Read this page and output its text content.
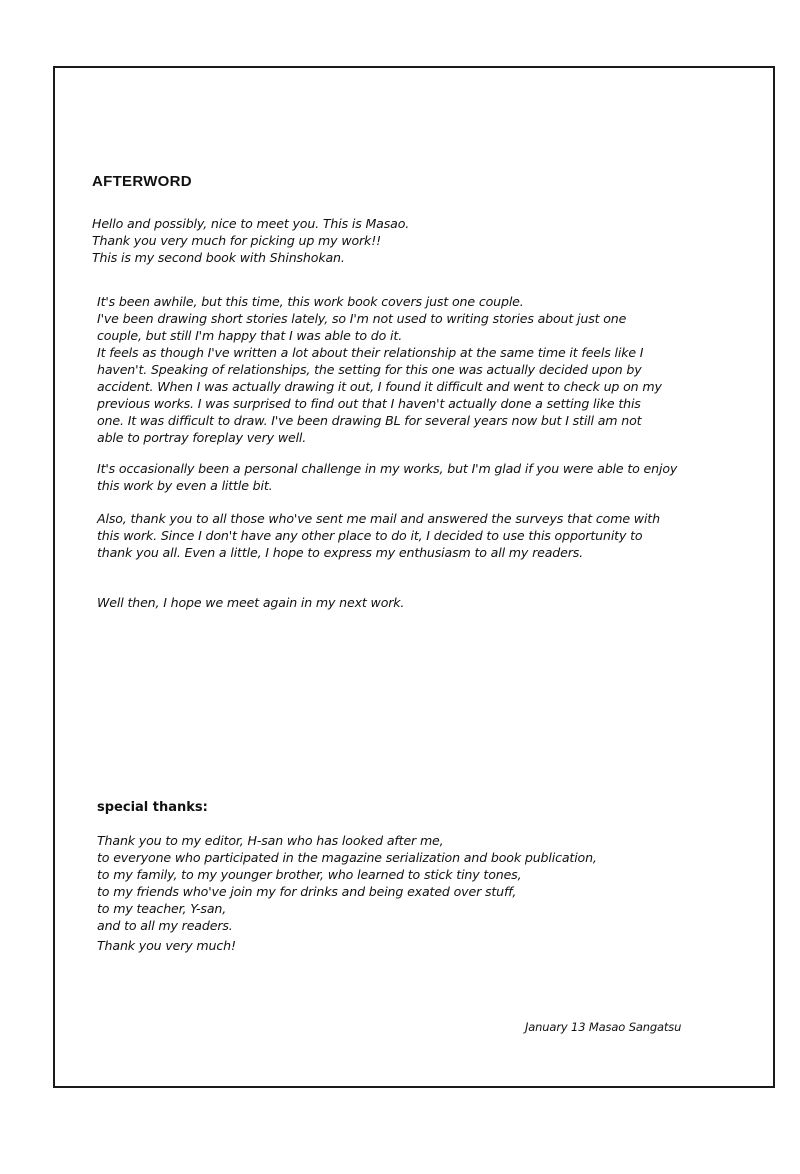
AFTERWORD

Hello and possibly, nice to meet you. This is Masao.
Thank you very much for picking up my work!!
This is my second book with Shinshokan.

It's been awhile, but this time, this work book covers just one couple.
I've been drawing short stories lately, so I'm not used to writing stories about just one
couple, but still I'm happy that I was able to do it.
It feels as though I've written a lot about their relationship at the same time it feels like I
haven't. Speaking of relationships, the setting for this one was actually decided upon by
accident. When I was actually drawing it out, I found it difficult and went to check up on my
previous works. I was surprised to find out that I haven't actually done a setting like this
one. It was difficult to draw. I've been drawing BL for several years now but I still am not
able to portray foreplay very well.

It's occasionally been a personal challenge in my works, but I'm glad if you were able to enjoy
this work by even a little bit.

Also, thank you to all those who've sent me mail and answered the surveys that come with
this work. Since I don't have any other place to do it, I decided to use this opportunity to
thank you all. Even a little, I hope to express my enthusiasm to all my readers.

Well then, I hope we meet again in my next work.

special thanks:

Thank you to my editor, H-san who has looked after me,
to everyone who participated in the magazine serialization and book publication,
to my family, to my younger brother, who learned to stick tiny tones,
to my friends who've join my for drinks and being exated over stuff,
to my teacher, Y-san,
and to all my readers.

Thank you very much!

January 13 Masao Sangatsu
